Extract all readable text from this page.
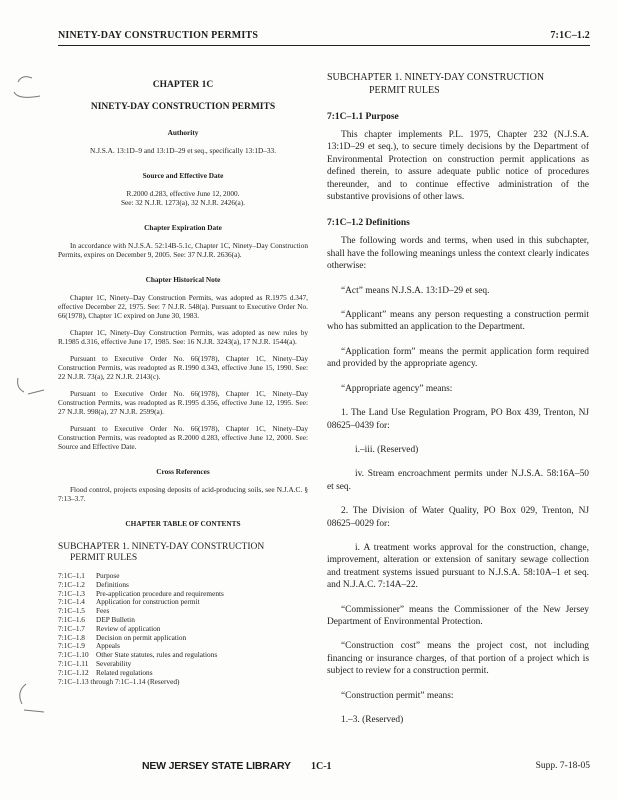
NINETY-DAY CONSTRUCTION PERMITS	7:1C–1.2
CHAPTER 1C
NINETY-DAY CONSTRUCTION PERMITS
Authority

N.J.S.A. 13:1D–9 and 13:1D–29 et seq., specifically 13:1D–33.

Source and Effective Date

R.2000 d.283, effective June 12, 2000.

See: 32 N.J.R. 1273(a), 32 N.J.R. 2426(a).

Chapter Expiration Date

In accordance with N.J.S.A. 52:14B-5.1c, Chapter 1C, Ninety–Day Construction Permits, expires on December 9, 2005. See: 37 N.J.R. 2636(a).

Chapter Historical Note

Chapter 1C, Ninety–Day Construction Permits, was adopted as R.1975 d.347, effective December 22, 1975. See: 7 N.J.R. 548(a). Pursuant to Executive Order No. 66(1978), Chapter 1C expired on June 30, 1983.

Chapter 1C, Ninety–Day Construction Permits, was adopted as new rules by R.1985 d.316, effective June 17, 1985. See: 16 N.J.R. 3243(a), 17 N.J.R. 1544(a).

Pursuant to Executive Order No. 66(1978), Chapter 1C, Ninety–Day Construction Permits, was readopted as R.1990 d.343, effective June 15, 1990. See: 22 N.J.R. 73(a), 22 N.J.R. 2143(c).

Pursuant to Executive Order No. 66(1978), Chapter 1C, Ninety–Day Construction Permits, was readopted as R.1995 d.356, effective June 12, 1995. See: 27 N.J.R. 998(a), 27 N.J.R. 2599(a).

Pursuant to Executive Order No. 66(1978), Chapter 1C, Ninety–Day Construction Permits, was readopted as R.2000 d.283, effective June 12, 2000. See: Source and Effective Date.

Cross References

Flood control, projects exposing deposits of acid-producing soils, see N.J.A.C. § 7:13–3.7.

CHAPTER TABLE OF CONTENTS
SUBCHAPTER 1. NINETY-DAY CONSTRUCTION
PERMIT RULES
7:1C–1.1	Purpose
7:1C–1.2	Definitions
7:1C–1.3	Pre-application procedure and requirements
7:1C–1.4	Application for construction permit
7:1C–1.5	Fees
7:1C–1.6	DEP Bulletin
7:1C–1.7	Review of application
7:1C–1.8	Decision on permit application
7:1C–1.9	Appeals
7:1C–1.10	Other State statutes, rules and regulations
7:1C–1.11	Severability
7:1C–1.12	Related regulations
7:1C–1.13 through 7:1C–1.14 (Reserved)
SUBCHAPTER 1. NINETY-DAY CONSTRUCTION
PERMIT RULES
7:1C–1.1 Purpose

This chapter implements P.L. 1975, Chapter 232 (N.J.S.A. 13:1D–29 et seq.), to secure timely decisions by the Department of Environmental Protection on construction permit applications as defined therein, to assure adequate public notice of procedures thereunder, and to continue effective administration of the substantive provisions of other laws.

7:1C–1.2 Definitions

The following words and terms, when used in this subchapter, shall have the following meanings unless the context clearly indicates otherwise:

“Act” means N.J.S.A. 13:1D–29 et seq.

“Applicant” means any person requesting a construction permit who has submitted an application to the Department.

“Application form” means the permit application form required and provided by the appropriate agency.

“Appropriate agency” means:

1. The Land Use Regulation Program, PO Box 439, Trenton, NJ 08625–0439 for:

i.–iii. (Reserved)

iv. Stream encroachment permits under N.J.S.A. 58:16A–50 et seq.

2. The Division of Water Quality, PO Box 029, Trenton, NJ 08625–0029 for:

i. A treatment works approval for the construction, change, improvement, alteration or extension of sanitary sewage collection and treatment systems issued pursuant to N.J.S.A. 58:10A–1 et seq. and N.J.A.C. 7:14A–22.

“Commissioner” means the Commissioner of the New Jersey Department of Environmental Protection.

“Construction cost” means the project cost, not including financing or insurance charges, of that portion of a project which is subject to review for a construction permit.

“Construction permit” means:

1.–3. (Reserved)

NEW JERSEY STATE LIBRARY 1C-1	Supp. 7-18-05
